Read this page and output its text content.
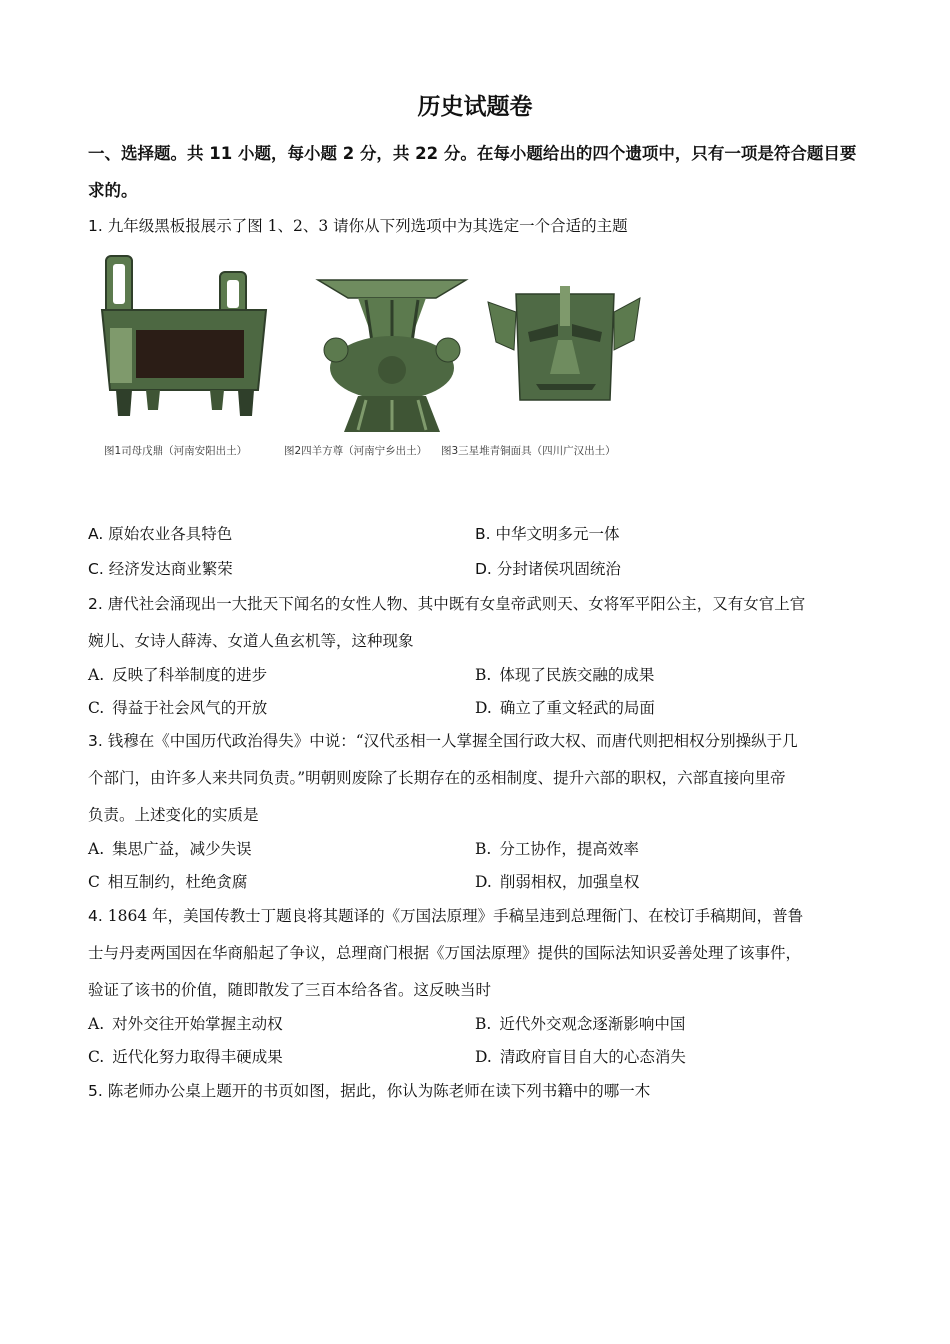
历史试题卷
一、选择题。共 11 小题，每小题 2 分，共 22 分。在每小题给出的四个遗项中，只有一项是符合题目要求的。
1. 九年级黑板报展示了图 1、2、3 请你从下列选项中为其选定一个合适的主题
图1司母戊鼎（河南安阳出土）	图2四羊方尊（河南宁乡出土） 图3三星堆青铜面具（四川广汉出土）
A. 原始农业各具特色	B. 中华文明多元一体
C. 经济发达商业繁荣	D. 分封诸侯巩固统治
2. 唐代社会涌现出一大批天下闻名的女性人物、其中既有女皇帝武则天、女将军平阳公主，又有女官上官
婉儿、女诗人薛涛、女道人鱼玄机等，这种现象
A. 反映了科举制度的进步	B. 体现了民族交融的成果
C. 得益于社会风气的开放	D. 确立了重文轻武的局面
3. 钱穆在《中国历代政治得失》中说：“汉代丞相一人掌握全国行政大权、而唐代则把相权分别操纵于几
个部门，由许多人来共同负责。”明朝则废除了长期存在的丞相制度、提升六部的职权，六部直接向里帝
负责。上述变化的实质是
A. 集思广益，减少失误	B. 分工协作，提高效率
C 相互制约，杜绝贪腐	D. 削弱相权，加强皇权
4. 1864 年，美国传教士丁题良将其题译的《万国法原理》手稿呈违到总理衙门、在校订手稿期间，普鲁
士与丹麦两国因在华商船起了争议，总理商门根据《万国法原理》提供的国际法知识妥善处理了该事件，
验证了该书的价值，随即散发了三百本给各省。这反映当时
A. 对外交往开始掌握主动权	B. 近代外交观念逐渐影响中国
C. 近代化努力取得丰硬成果	D. 清政府盲目自大的心态消失
5. 陈老师办公桌上题开的书页如图，据此，你认为陈老师在读下列书籍中的哪一木
